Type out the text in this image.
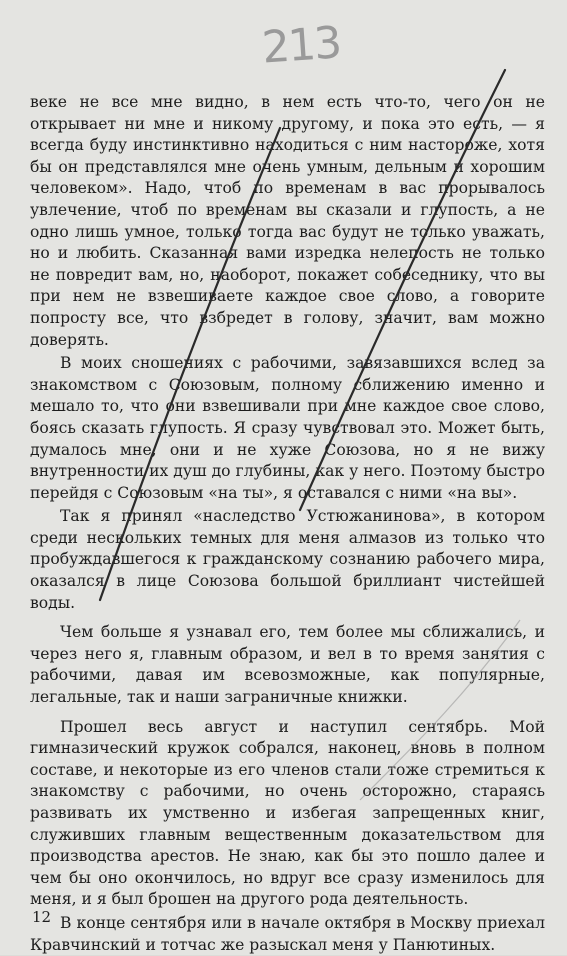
213

веке не все мне видно, в нем есть что-то, чего он не открывает ни мне и никому другому, и пока это есть, — я всегда буду инстинктивно находиться с ним настороже, хотя бы он представлялся мне очень умным, дельным и хорошим человеком». Надо, чтоб по временам в вас прорывалось увлечение, чтоб по временам вы сказали и глупость, а не одно лишь умное, только тогда вас будут не только уважать, но и любить. Сказанная вами изредка нелепость не только не повредит вам, но, наоборот, покажет собеседнику, что вы при нем не взвешиваете каждое свое слово, а говорите попросту все, что взбредет в голову, значит, вам можно доверять.

В моих сношениях с рабочими, завязавшихся вслед за знакомством с Союзовым, полному сближению именно и мешало то, что они взвешивали при мне каждое свое слово, боясь сказать глупость. Я сразу чувствовал это. Может быть, думалось мне, они и не хуже Союзова, но я не вижу внутренности их душ до глубины, как у него. Поэтому быстро перейдя с Союзовым «на ты», я оставался с ними «на вы».

Так я принял «наследство Устюжанинова», в котором среди нескольких темных для меня алмазов из только что пробуждавшегося к гражданскому сознанию рабочего мира, оказался в лице Союзова большой бриллиант чистейшей воды.

Чем больше я узнавал его, тем более мы сближались, и через него я, главным образом, и вел в то время занятия с рабочими, давая им всевозможные, как популярные, легальные, так и наши заграничные книжки.

Прошел весь август и наступил сентябрь. Мой гимназический кружок собрался, наконец, вновь в полном составе, и некоторые из его членов стали тоже стремиться к знакомству с рабочими, но очень осторожно, стараясь развивать их умственно и избегая запрещенных книг, служивших главным вещественным доказательством для производства арестов. Не знаю, как бы это пошло далее и чем бы оно окончилось, но вдруг все сразу изменилось для меня, и я был брошен на другого рода деятельность.

В конце сентября или в начале октября в Москву приехал Кравчинский и тотчас же разыскал меня у Панютиных.

12
